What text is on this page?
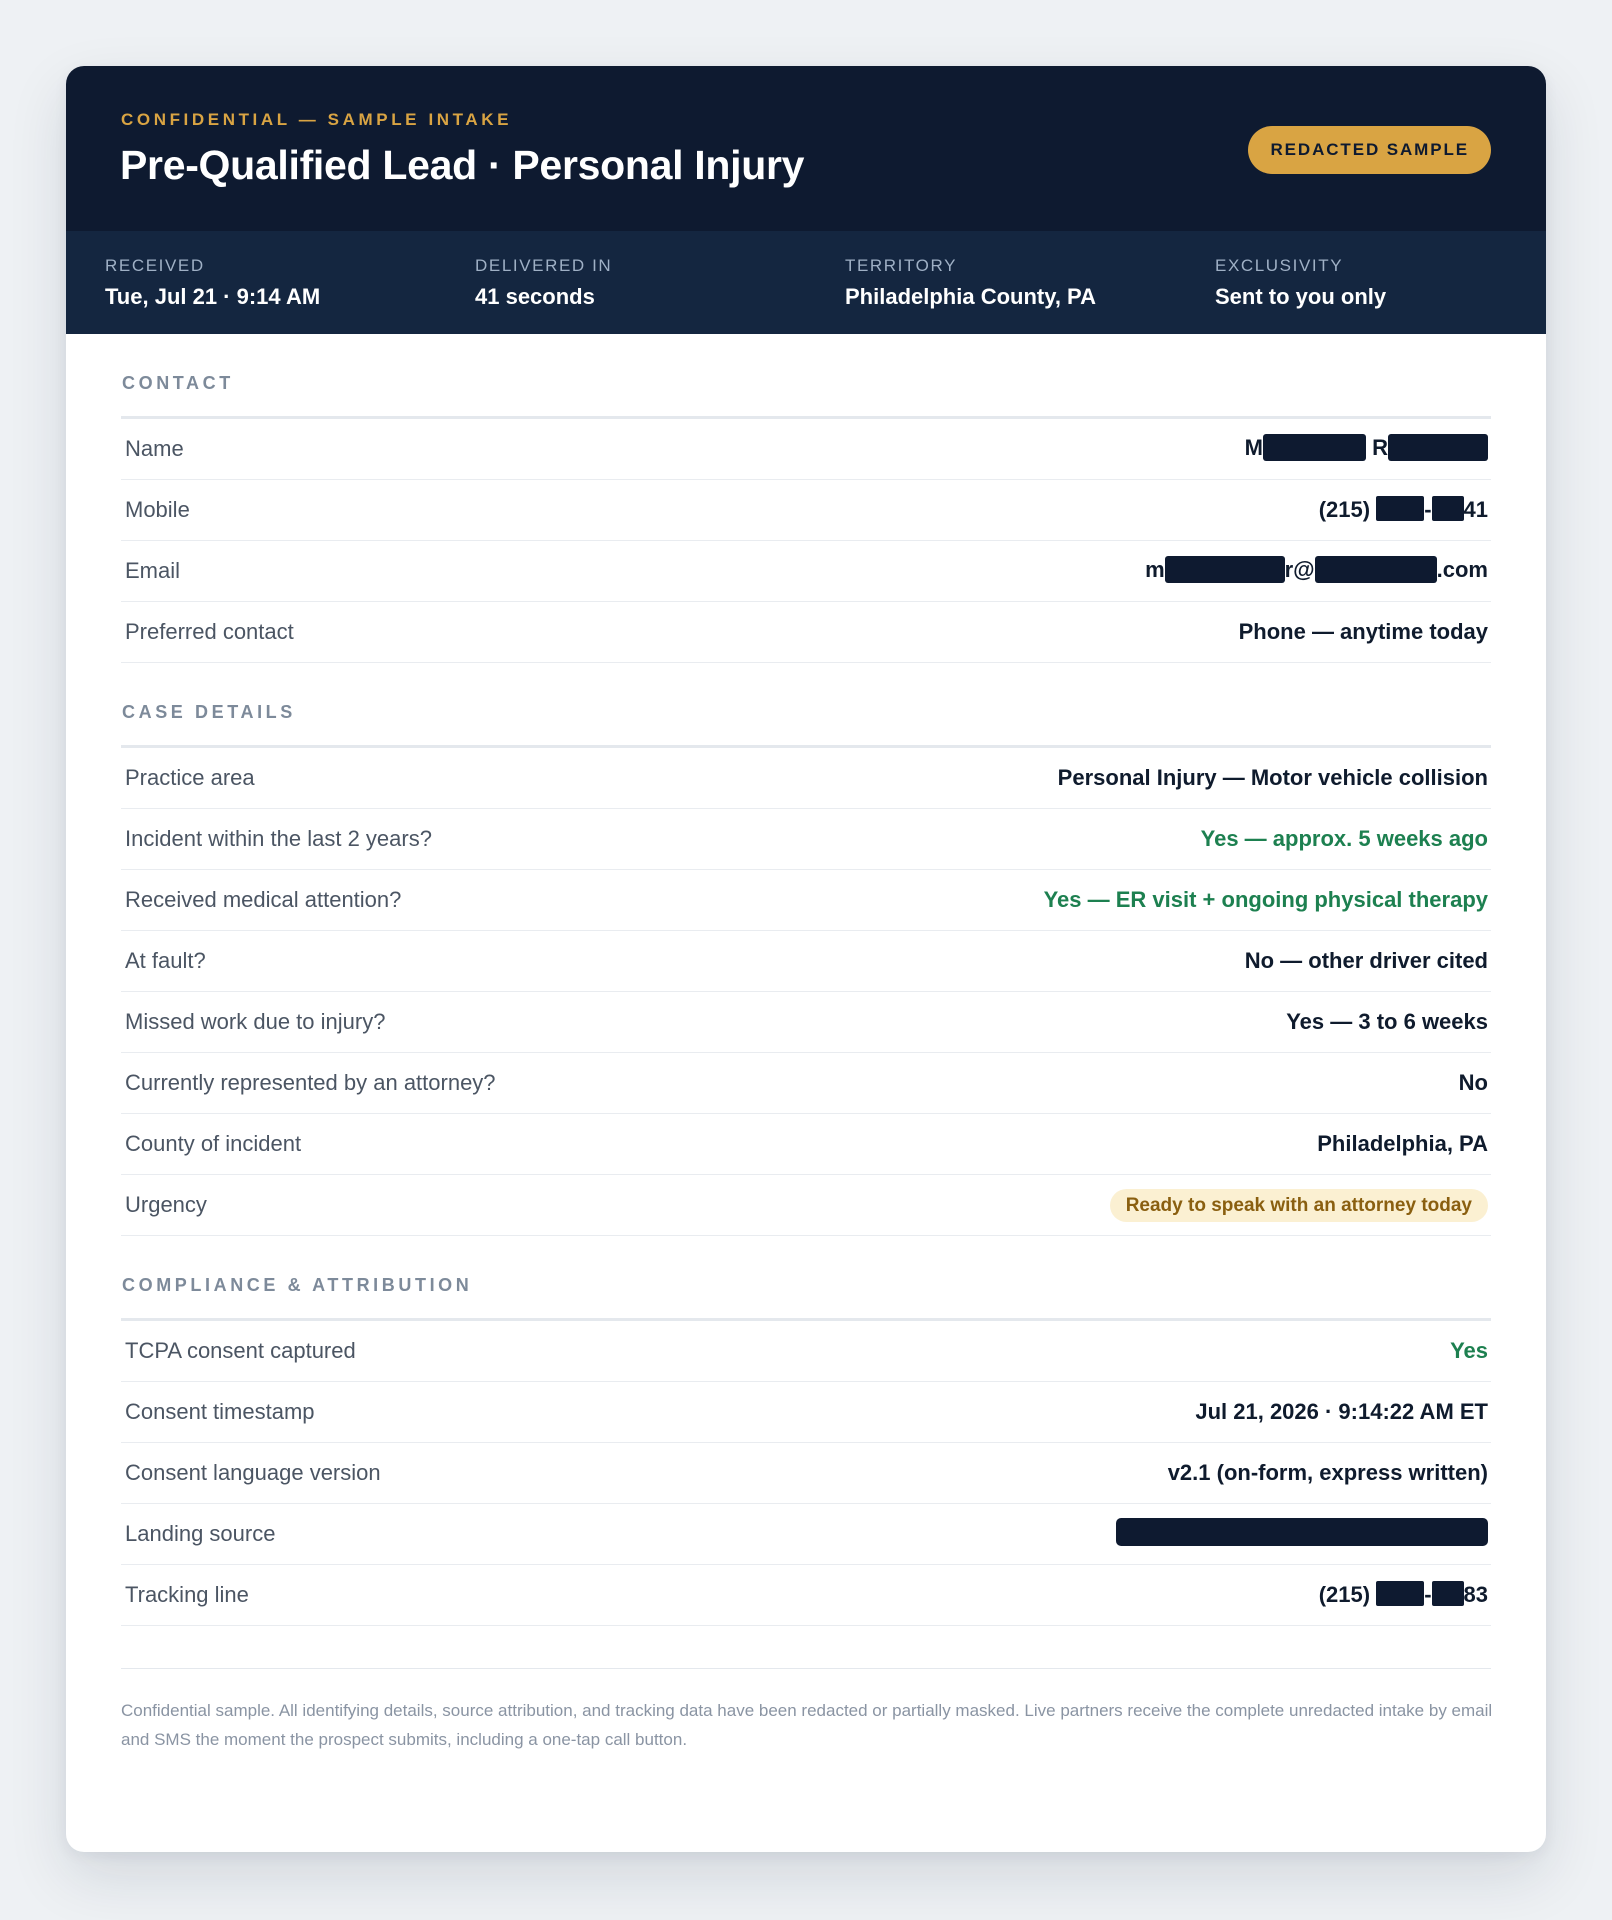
CONFIDENTIAL — SAMPLE INTAKE
Pre-Qualified Lead · Personal Injury	REDACTED SAMPLE
RECEIVED
Tue, Jul 21 · 9:14 AM
DELIVERED IN
41 seconds
TERRITORY
Philadelphia County, PA
EXCLUSIVITY
Sent to you only
CONTACT
Name	M	R
Mobile	(215) - 41
Email	m	r@	.com
Preferred contact	Phone — anytime today
CASE DETAILS
Practice area	Personal Injury — Motor vehicle collision
Incident within the last 2 years?	Yes — approx. 5 weeks ago
Received medical attention?	Yes — ER visit + ongoing physical therapy
At fault?	No — other driver cited
Missed work due to injury?	Yes — 3 to 6 weeks
Currently represented by an attorney?	No
County of incident	Philadelphia, PA
Urgency	Ready to speak with an attorney today
COMPLIANCE & ATTRIBUTION
TCPA consent captured	Yes
Consent timestamp	Jul 21, 2026 · 9:14:22 AM ET
Consent language version	v2.1 (on-form, express written)
Landing source
Tracking line	(215) - 83
Confidential sample. All identifying details, source attribution, and tracking data have been redacted or partially masked. Live partners receive the complete unredacted intake by email and SMS the moment the prospect submits, including a one-tap call button.
